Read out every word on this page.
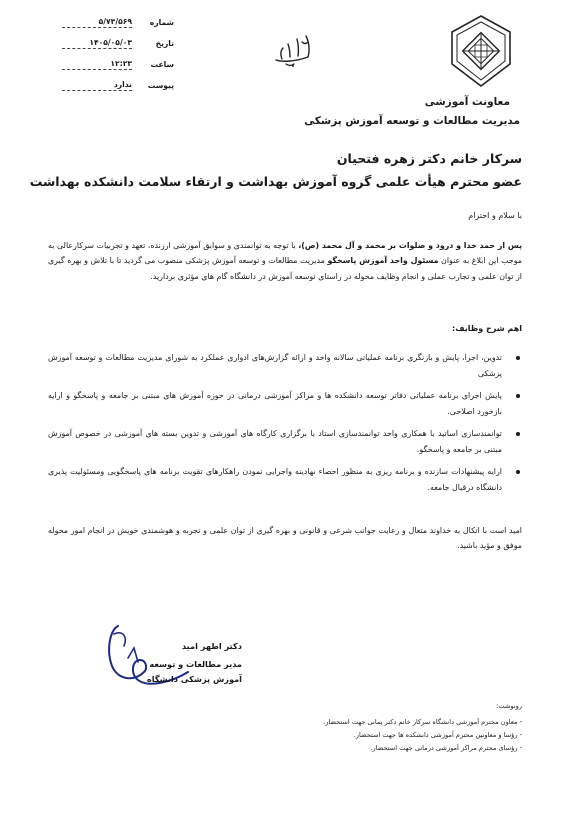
شماره
۵/۷۳/۵۶۹
تاریخ
۱۴۰۵/۰۵/۰۳
ساعت
۱۲:۲۳
پیوست
ندارد
معاونت آموزشی
مدیریت مطالعات و توسعه آموزش پزشکی
سرکار خانم دکتر زهره فتحیان
عضو محترم هیأت علمی گروه آموزش بهداشت و ارتقاء سلامت دانشکده بهداشت
با سلام و احترام
پس از حمد خدا و درود و صلوات بر محمد و آل محمد (ص)، با توجه به توانمندی و سوابق آموزشی ارزنده، تعهد و تجربیات سرکارعالی به موجب این ابلاغ به عنوان مسئول واحد آموزش پاسخگو مدیریت مطالعات و توسعه آموزش پزشکی منصوب می گردید تا با تلاش و بهره گیری از توان علمی و تجارب عملی و انجام وظایف محوله در راستای توسعه آموزش در دانشگاه گام های مؤثری بردارید.
اهم شرح وظایف:
تدوین، اجرا، پایش و بازنگری برنامه عملیاتی سالانه واحد و ارائه گزارش‌های ادواری عملکرد به شورای مدیریت مطالعات و توسعه آموزش پزشکی
پایش اجرای برنامه عملیاتی دفاتر توسعه دانشکده ها و مراکز آموزشی درمانی در حوزه آموزش های مبتنی بر جامعه و پاسخگو و ارایه بازخورد اصلاحی.
توانمندسازی اساتید با همکاری واحد توانمندسازی استاد با برگزاری کارگاه های آموزشی و تدوین بسته های آموزشی در خصوص آموزش مبتنی بر جامعه و پاسخگو.
ارایه پیشنهادات سازنده و برنامه ریزی به منظور احصاء نهادینه واجرایی نمودن راهکارهای تقویت برنامه های پاسخگویی ومسئولیت پذیری دانشگاه درقبال جامعه.
امید است با اتکال به خداوند متعال و رعایت جوانب شرعی و قانونی و بهره گیری از توان علمی و تجربه و هوشمندی خویش در انجام امور محوله موفق و مؤید باشید.
دکتر اطهر امید
مدیر مطالعات و توسعه
آموزش پزشکی دانشگاه
رونوشت:
- معاون محترم آموزشی دانشگاه سرکار خانم دکتر یمانی جهت استحضار.
- رؤسا و معاونین محترم آموزشی دانشکده ها جهت استحضار.
- رؤسای محترم مراکز آموزشی درمانی جهت استحضار.
